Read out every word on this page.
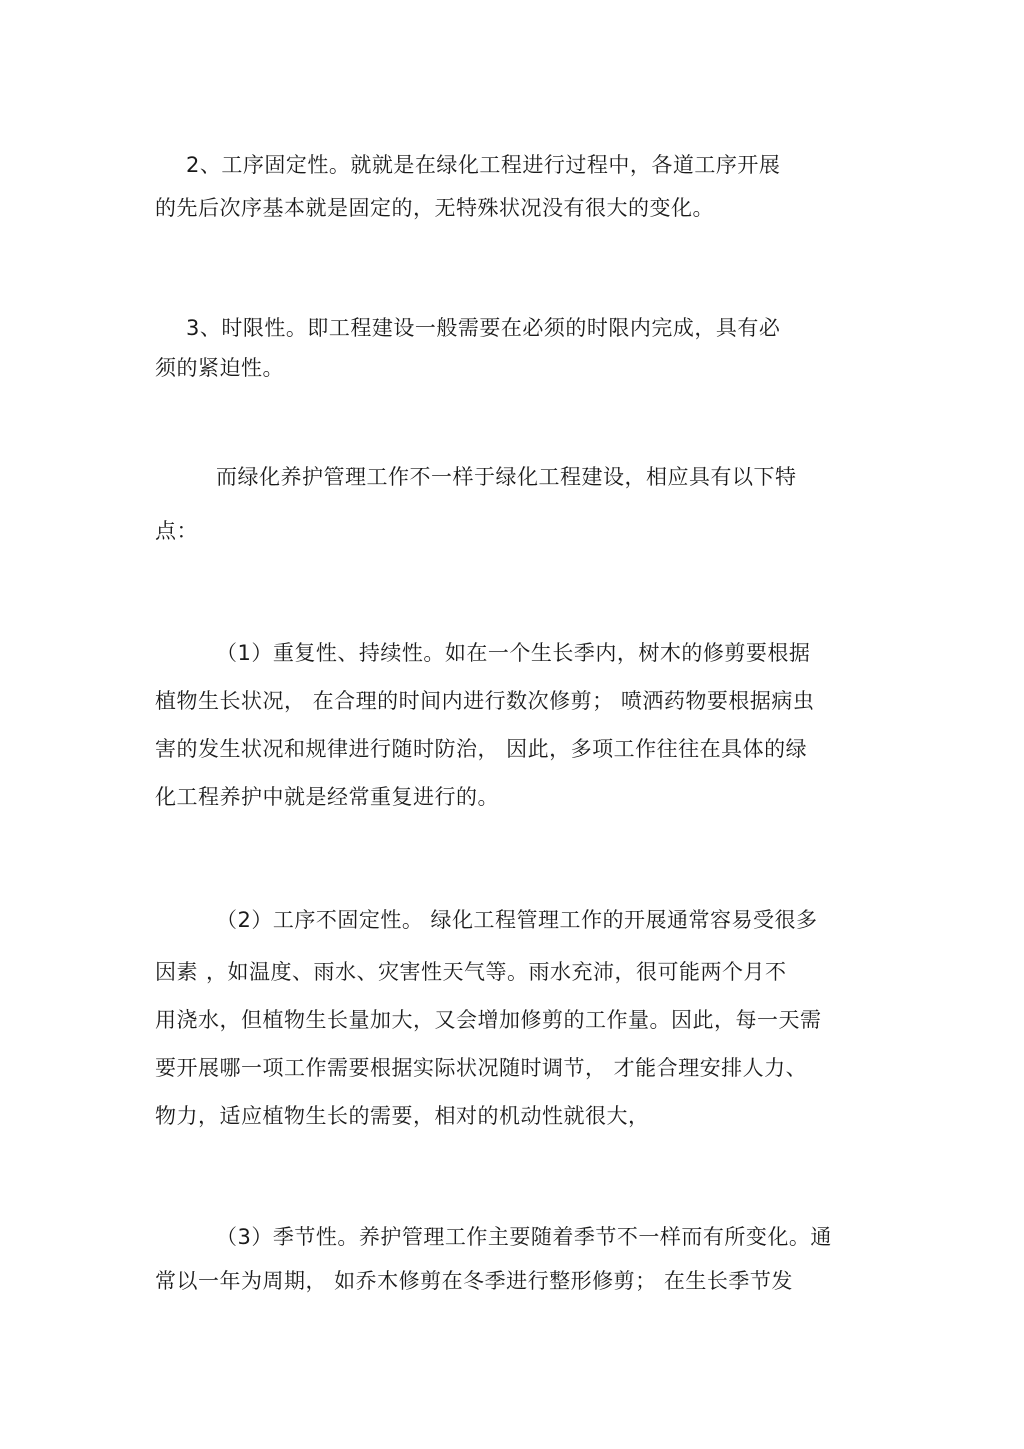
2、工序固定性。就就是在绿化工程进行过程中，各道工序开展
的先后次序基本就是固定的，无特殊状况没有很大的变化。
3、时限性。即工程建设一般需要在必须的时限内完成，具有必
须的紧迫性。
而绿化养护管理工作不一样于绿化工程建设，相应具有以下特
点：
（1）重复性、持续性。如在一个生长季内，树木的修剪要根据
植物生长状况， 在合理的时间内进行数次修剪； 喷洒药物要根据病虫
害的发生状况和规律进行随时防治， 因此，多项工作往往在具体的绿
化工程养护中就是经常重复进行的。
（2）工序不固定性。 绿化工程管理工作的开展通常容易受很多
因素 ，如温度、雨水、灾害性天气等。雨水充沛，很可能两个月不
用浇水，但植物生长量加大，又会增加修剪的工作量。因此，每一天需
要开展哪一项工作需要根据实际状况随时调节， 才能合理安排人力、
物力，适应植物生长的需要，相对的机动性就很大，
（3）季节性。养护管理工作主要随着季节不一样而有所变化。通
常以一年为周期， 如乔木修剪在冬季进行整形修剪； 在生长季节发
